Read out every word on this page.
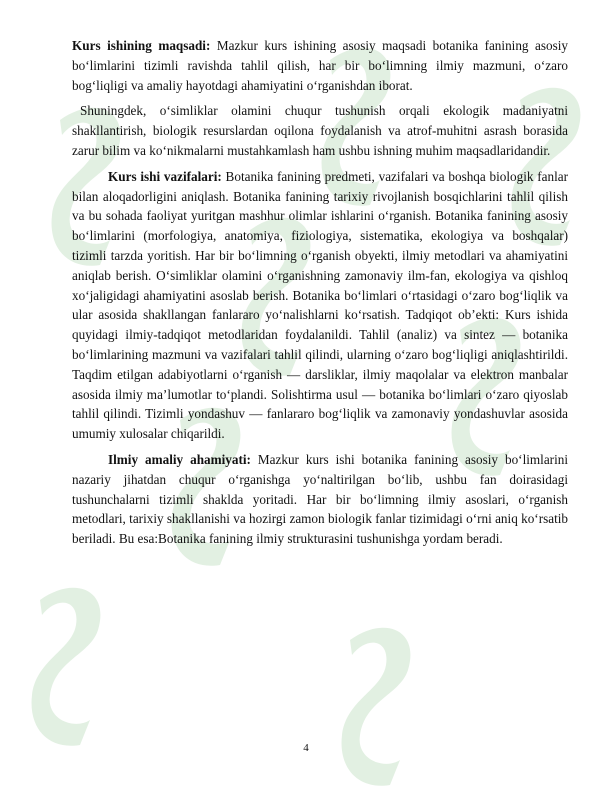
Kurs ishining maqsadi: Mazkur kurs ishining asosiy maqsadi botanika fanining asosiy boʻlimlarini tizimli ravishda tahlil qilish, har bir boʻlimning ilmiy mazmuni, oʻzaro bogʻliqligi va amaliy hayotdagi ahamiyatini oʻrganishdan iborat.

Shuningdek, oʻsimliklar olamini chuqur tushunish orqali ekologik madaniyatni shakllantirish, biologik resurslardan oqilona foydalanish va atrof-muhitni asrash borasida zarur bilim va koʻnikmalarni mustahkamlash ham ushbu ishning muhim maqsadlaridandir.

Kurs ishi vazifalari: Botanika fanining predmeti, vazifalari va boshqa biologik fanlar bilan aloqadorligini aniqlash. Botanika fanining tarixiy rivojlanish bosqichlarini tahlil qilish va bu sohada faoliyat yuritgan mashhur olimlar ishlarini oʻrganish. Botanika fanining asosiy boʻlimlarini (morfologiya, anatomiya, fiziologiya, sistematika, ekologiya va boshqalar) tizimli tarzda yoritish. Har bir boʻlimning oʻrganish obyekti, ilmiy metodlari va ahamiyatini aniqlab berish. Oʻsimliklar olamini oʻrganishning zamonaviy ilm-fan, ekologiya va qishloq xoʻjaligidagi ahamiyatini asoslab berish. Botanika boʻlimlari oʻrtasidagi oʻzaro bogʻliqlik va ular asosida shakllangan fanlararo yoʻnalishlarni koʻrsatish. Tadqiqot obʼekti: Kurs ishida quyidagi ilmiy-tadqiqot metodlaridan foydalanildi. Tahlil (analiz) va sintez — botanika boʻlimlarining mazmuni va vazifalari tahlil qilindi, ularning oʻzaro bogʻliqligi aniqlashtirildi. Taqdim etilgan adabiyotlarni oʻrganish — darsliklar, ilmiy maqolalar va elektron manbalar asosida ilmiy maʼlumotlar toʻplandi. Solishtirma usul — botanika boʻlimlari oʻzaro qiyoslab tahlil qilindi. Tizimli yondashuv — fanlararo bogʻliqlik va zamonaviy yondashuvlar asosida umumiy xulosalar chiqarildi.

Ilmiy amaliy ahamiyati: Mazkur kurs ishi botanika fanining asosiy boʻlimlarini nazariy jihatdan chuqur oʻrganishga yoʻnaltirilgan boʻlib, ushbu fan doirasidagi tushunchalarni tizimli shaklda yoritadi. Har bir boʻlimning ilmiy asoslari, oʻrganish metodlari, tarixiy shakllanishi va hozirgi zamon biologik fanlar tizimidagi oʻrni aniq koʻrsatib beriladi. Bu esa:Botanika fanining ilmiy strukturasini tushunishga yordam beradi.

4
